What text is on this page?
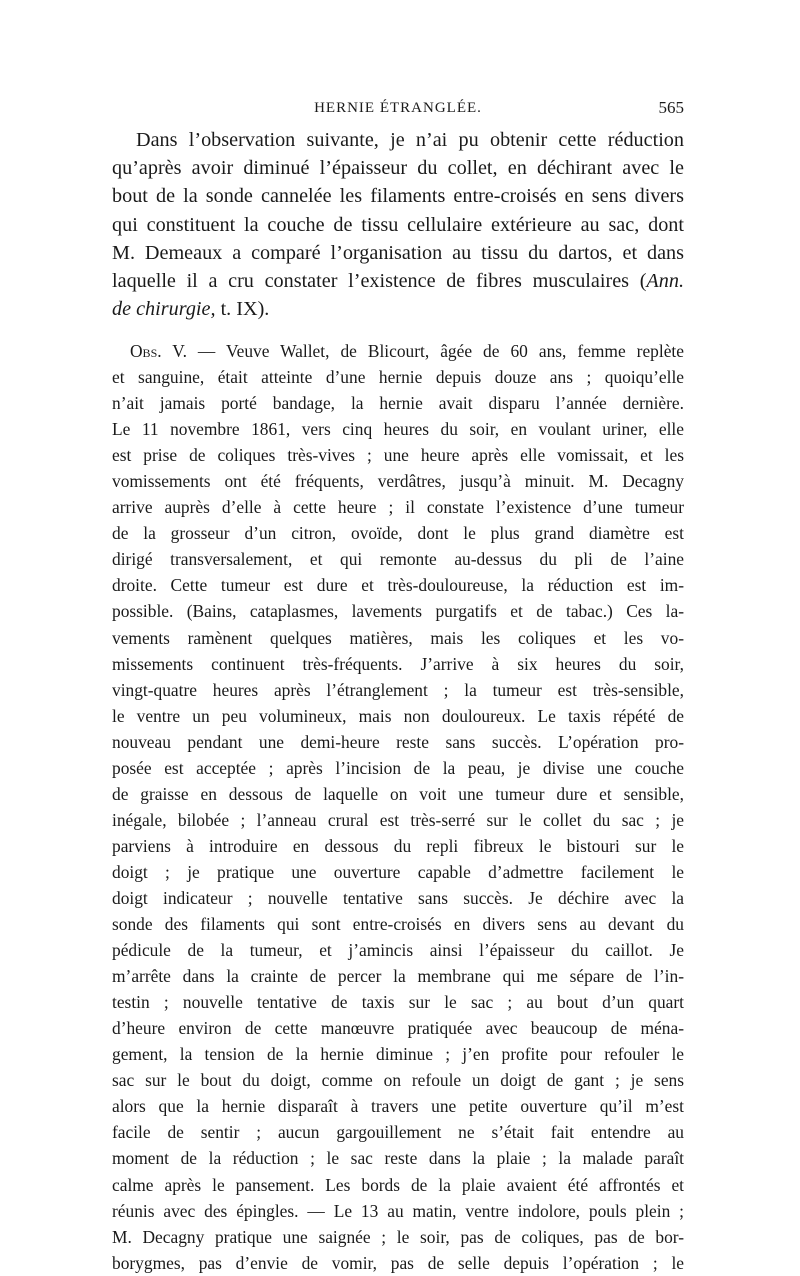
HERNIE ÉTRANGLÉE.	565
Dans l’observation suivante, je n’ai pu obtenir cette réduction
qu’après avoir diminué l’épaisseur du collet, en déchirant avec le
bout de la sonde cannelée les filaments entre-croisés en sens divers
qui constituent la couche de tissu cellulaire extérieure au sac, dont
M. Demeaux a comparé l’organisation au tissu du dartos, et dans
laquelle il a cru constater l’existence de fibres musculaires (Ann.
de chirurgie, t. IX).
Obs. V. — Veuve Wallet, de Blicourt, âgée de 60 ans, femme replète
et sanguine, était atteinte d’une hernie depuis douze ans ; quoiqu’elle
n’ait jamais porté bandage, la hernie avait disparu l’année dernière.
Le 11 novembre 1861, vers cinq heures du soir, en voulant uriner, elle
est prise de coliques très-vives ; une heure après elle vomissait, et les
vomissements ont été fréquents, verdâtres, jusqu’à minuit. M. Decagny
arrive auprès d’elle à cette heure ; il constate l’existence d’une tumeur
de la grosseur d’un citron, ovoïde, dont le plus grand diamètre est
dirigé transversalement, et qui remonte au-dessus du pli de l’aine
droite. Cette tumeur est dure et très-douloureuse, la réduction est im-
possible. (Bains, cataplasmes, lavements purgatifs et de tabac.) Ces la-
vements ramènent quelques matières, mais les coliques et les vo-
missements continuent très-fréquents. J’arrive à six heures du soir,
vingt-quatre heures après l’étranglement ; la tumeur est très-sensible,
le ventre un peu volumineux, mais non douloureux. Le taxis répété de
nouveau pendant une demi-heure reste sans succès. L’opération pro-
posée est acceptée ; après l’incision de la peau, je divise une couche
de graisse en dessous de laquelle on voit une tumeur dure et sensible,
inégale, bilobée ; l’anneau crural est très-serré sur le collet du sac ; je
parviens à introduire en dessous du repli fibreux le bistouri sur le
doigt ; je pratique une ouverture capable d’admettre facilement le
doigt indicateur ; nouvelle tentative sans succès. Je déchire avec la
sonde des filaments qui sont entre-croisés en divers sens au devant du
pédicule de la tumeur, et j’amincis ainsi l’épaisseur du caillot. Je
m’arrête dans la crainte de percer la membrane qui me sépare de l’in-
testin ; nouvelle tentative de taxis sur le sac ; au bout d’un quart
d’heure environ de cette manœuvre pratiquée avec beaucoup de ména-
gement, la tension de la hernie diminue ; j’en profite pour refouler le
sac sur le bout du doigt, comme on refoule un doigt de gant ; je sens
alors que la hernie disparaît à travers une petite ouverture qu’il m’est
facile de sentir ; aucun gargouillement ne s’était fait entendre au
moment de la réduction ; le sac reste dans la plaie ; la malade paraît
calme après le pansement. Les bords de la plaie avaient été affrontés et
réunis avec des épingles. — Le 13 au matin, ventre indolore, pouls plein ;
M. Decagny pratique une saignée ; le soir, pas de coliques, pas de bor-
borygmes, pas d’envie de vomir, pas de selle depuis l’opération ; le
